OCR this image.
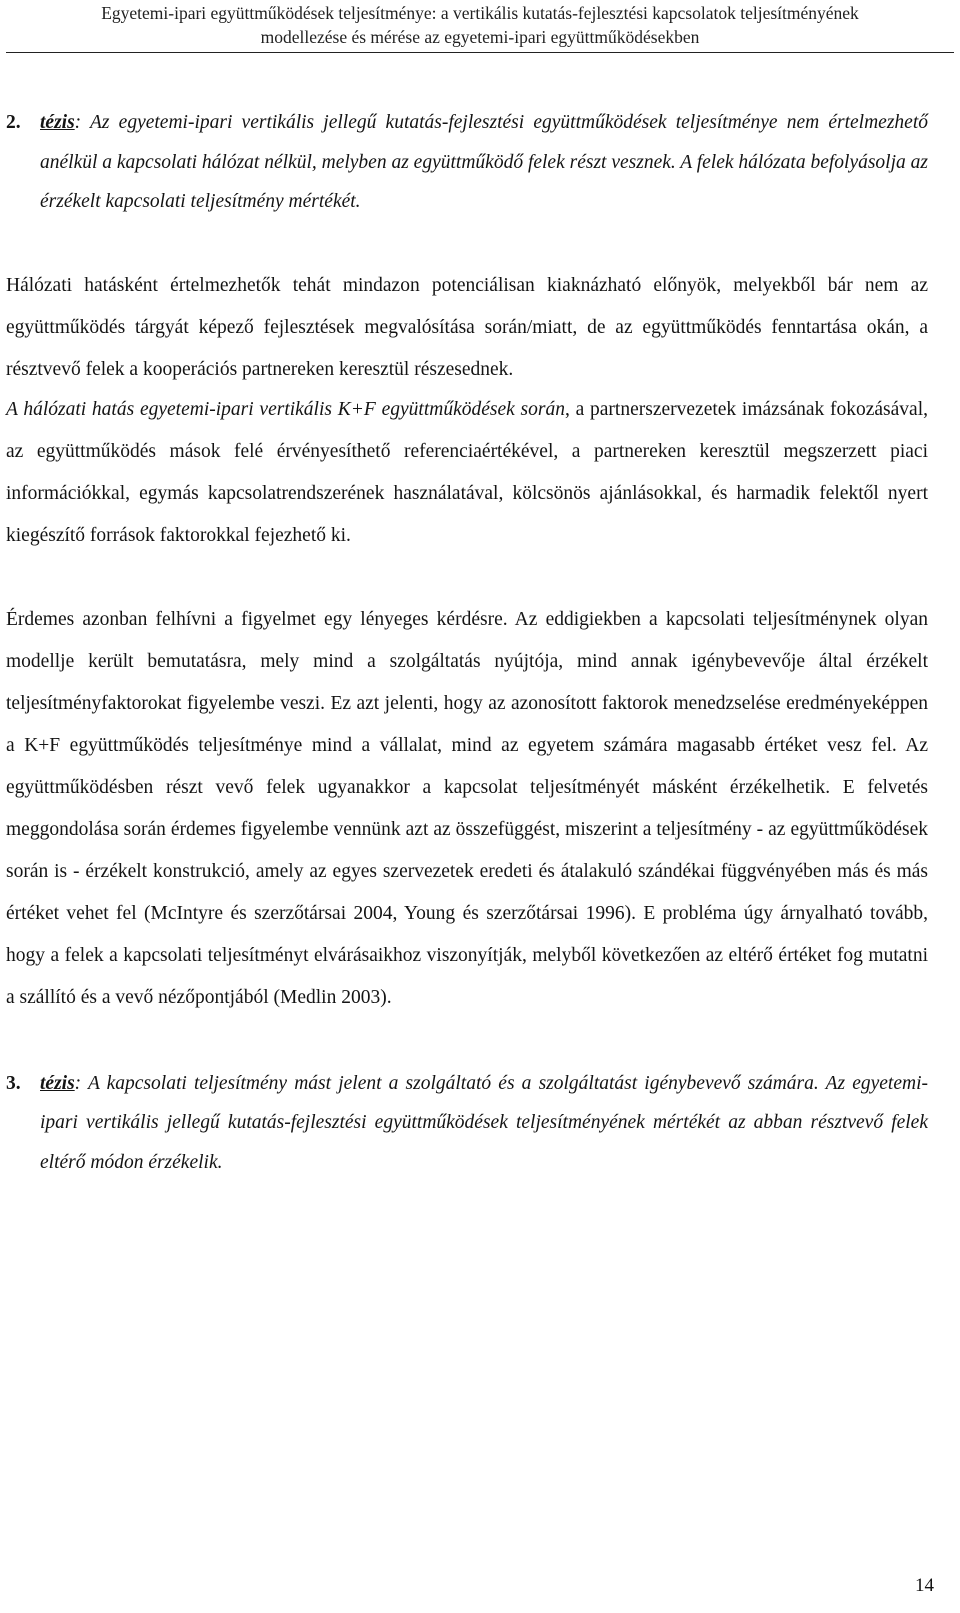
Egyetemi-ipari együttműködések teljesítménye: a vertikális kutatás-fejlesztési kapcsolatok teljesítményének
modellezése és mérése az egyetemi-ipari együttműködésekben
2. tézis: Az egyetemi-ipari vertikális jellegű kutatás-fejlesztési együttműködések teljesítménye nem értelmezhető anélkül a kapcsolati hálózat nélkül, melyben az együttműködő felek részt vesznek. A felek hálózata befolyásolja az érzékelt kapcsolati teljesítmény mértékét.

Hálózati hatásként értelmezhetők tehát mindazon potenciálisan kiaknázható előnyök, melyekből bár nem az együttműködés tárgyát képező fejlesztések megvalósítása során/miatt, de az együttműködés fenntartása okán, a résztvevő felek a kooperációs partnereken keresztül részesednek.

A hálózati hatás egyetemi-ipari vertikális K+F együttműködések során, a partnerszervezetek imázsának fokozásával, az együttműködés mások felé érvényesíthető referenciaértékével, a partnereken keresztül megszerzett piaci információkkal, egymás kapcsolatrendszerének használatával, kölcsönös ajánlásokkal, és harmadik felektől nyert kiegészítő források faktorokkal fejezhető ki.

Érdemes azonban felhívni a figyelmet egy lényeges kérdésre. Az eddigiekben a kapcsolati teljesítménynek olyan modellje került bemutatásra, mely mind a szolgáltatás nyújtója, mind annak igénybevevője által érzékelt teljesítményfaktorokat figyelembe veszi. Ez azt jelenti, hogy az azonosított faktorok menedzselése eredményeképpen a K+F együttműködés teljesítménye mind a vállalat, mind az egyetem számára magasabb értéket vesz fel. Az együttműködésben részt vevő felek ugyanakkor a kapcsolat teljesítményét másként érzékelhetik. E felvetés meggondolása során érdemes figyelembe vennünk azt az összefüggést, miszerint a teljesítmény - az együttműködések során is - érzékelt konstrukció, amely az egyes szervezetek eredeti és átalakuló szándékai függvényében más és más értéket vehet fel (McIntyre és szerzőtársai 2004, Young és szerzőtársai 1996). E probléma úgy árnyalható tovább, hogy a felek a kapcsolati teljesítményt elvárásaikhoz viszonyítják, melyből következően az eltérő értéket fog mutatni a szállító és a vevő nézőpontjából (Medlin 2003).

3. tézis: A kapcsolati teljesítmény mást jelent a szolgáltató és a szolgáltatást igénybevevő számára. Az egyetemi-ipari vertikális jellegű kutatás-fejlesztési együttműködések teljesítményének mértékét az abban résztvevő felek eltérő módon érzékelik.
14
